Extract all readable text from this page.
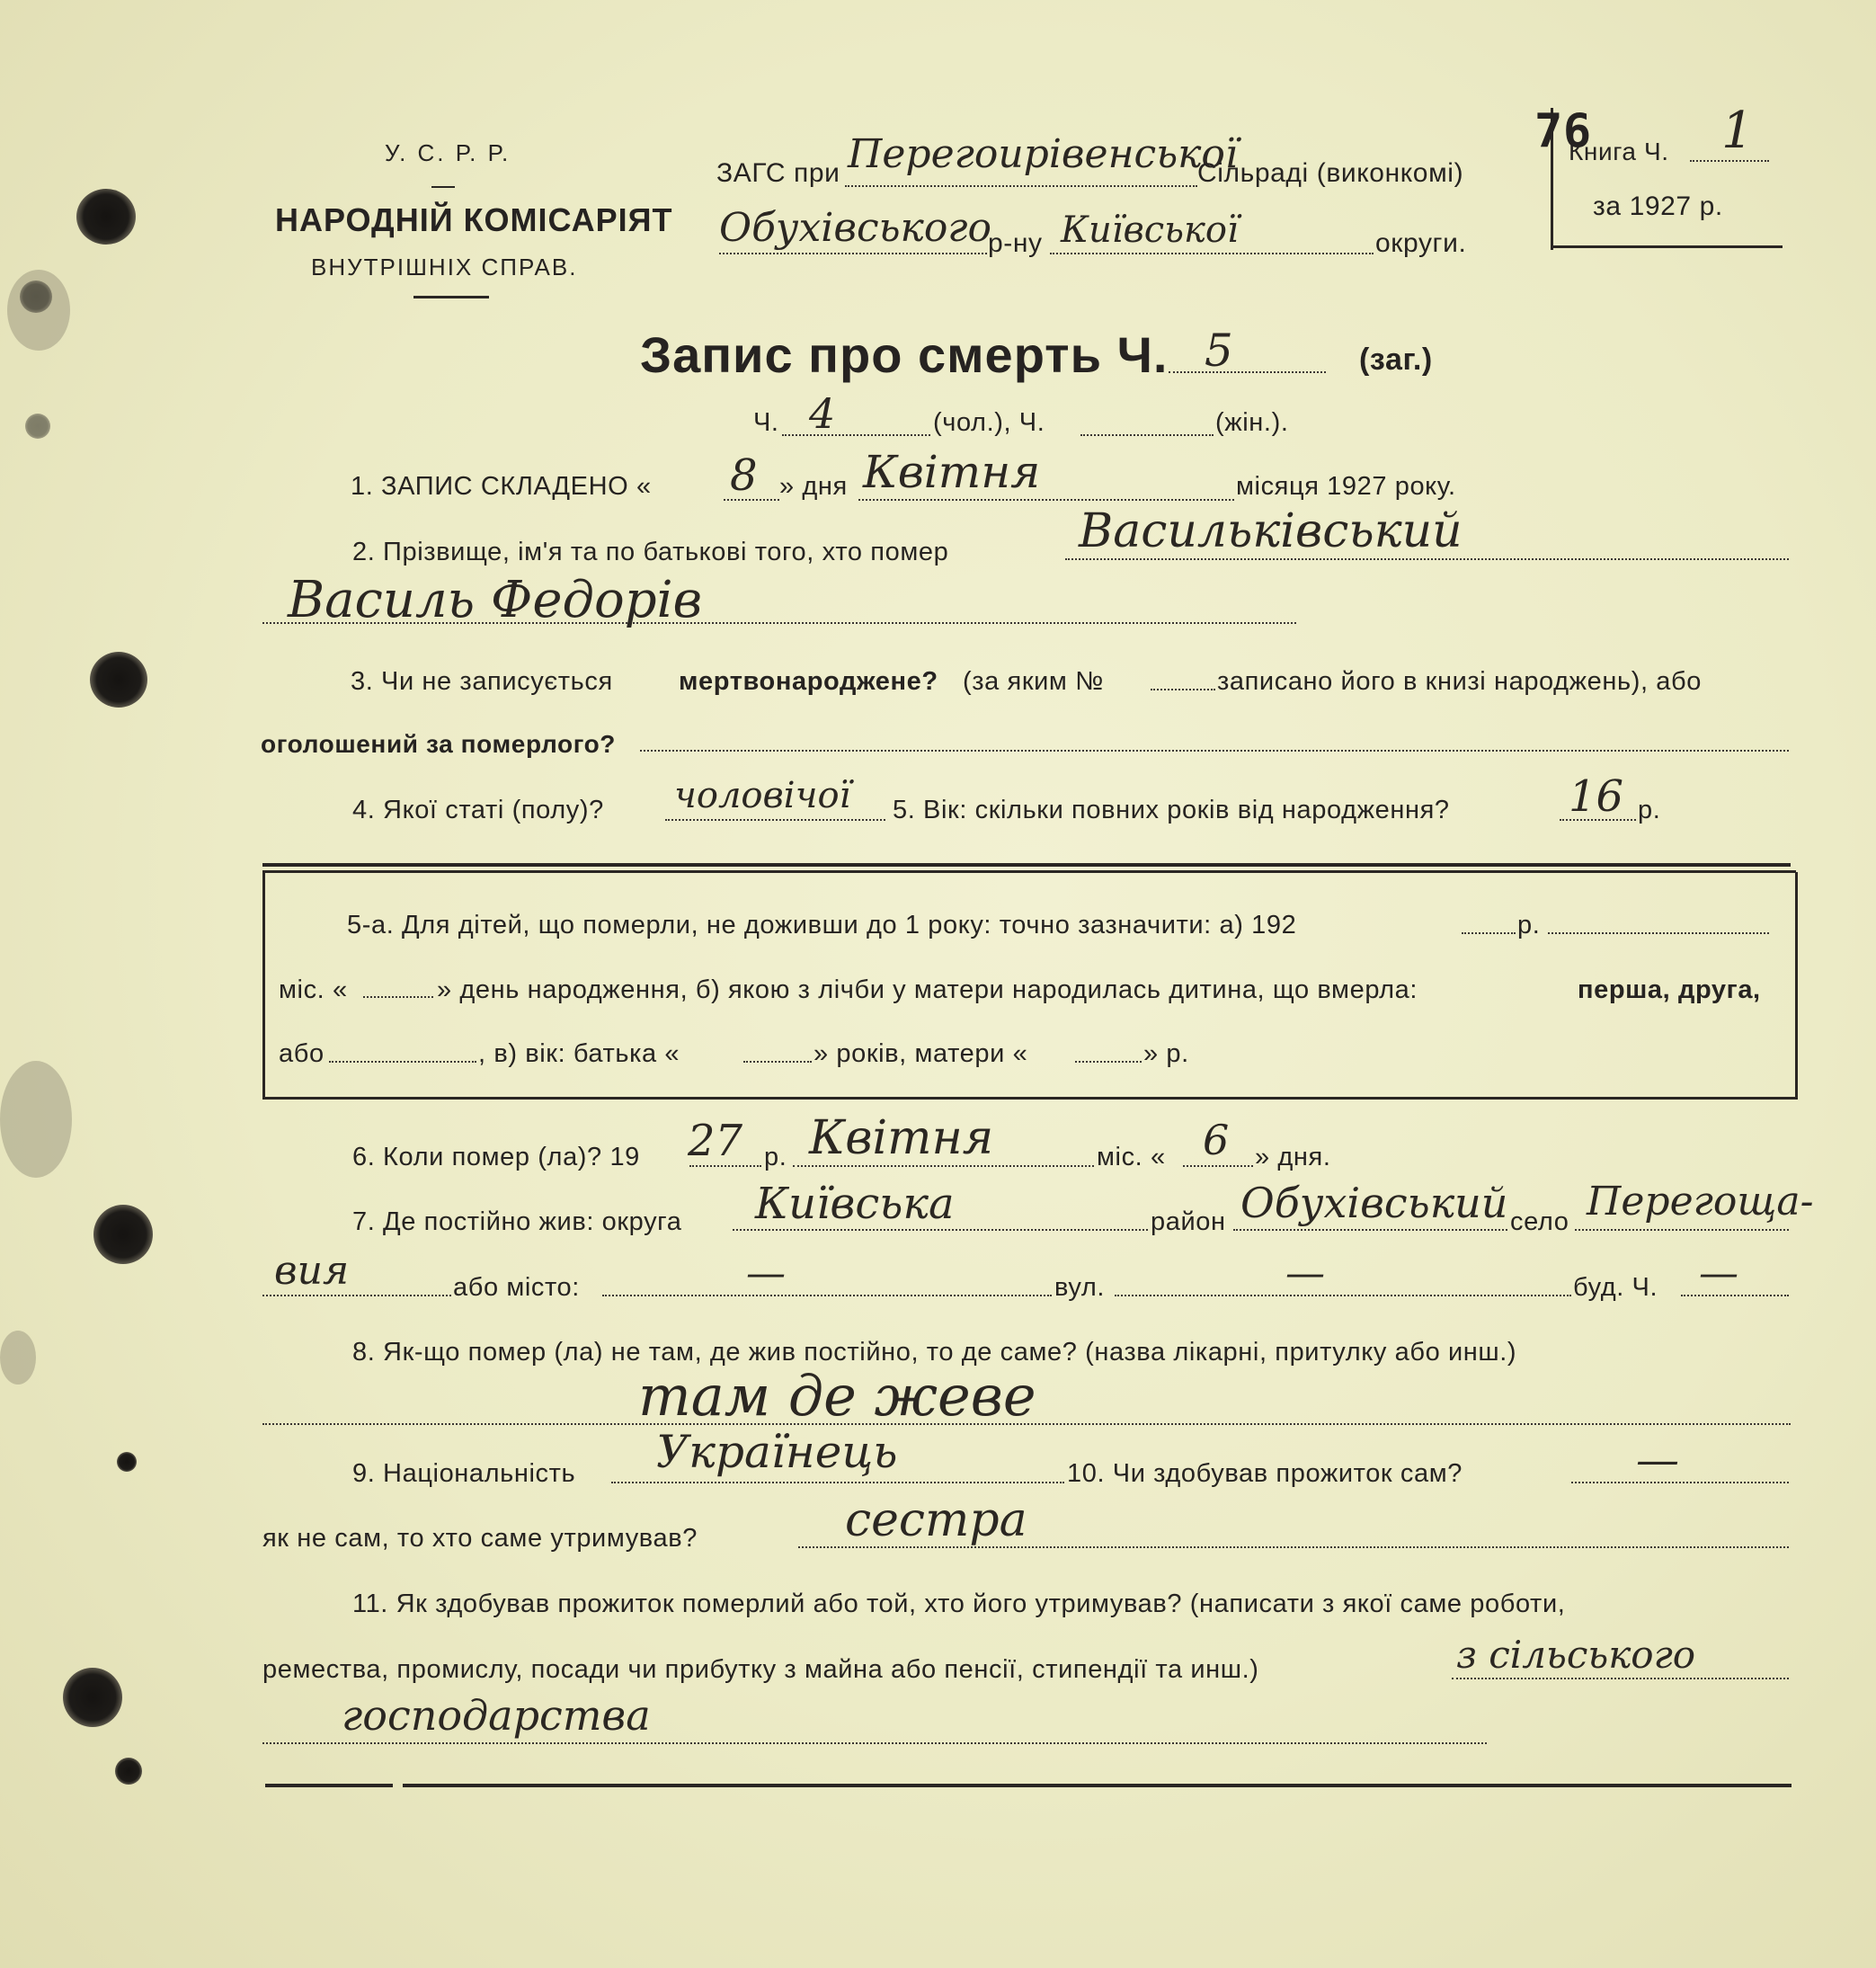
У. С. Р. Р.
НАРОДНІЙ КОМІСАРІЯТ
ВНУТРІШНІХ СПРАВ.
ЗАГС при Перегоирівенської
Сільраді (виконкомі)
Обухівського
р-ну Київської	округи.
76
Книга Ч. 1
за 1927 р.
Запис про смерть Ч. 5	(заг.)
Ч. 4	(чол.), Ч.	(жін.).
1. ЗАПИС СКЛАДЕНО « 8 » дня Квітня	місяця 1927 року.
2. Прізвище, ім'я та по батькові того, хто помер	Васильківський
Василь Федорів
3. Чи не записується	мертвонароджене? (за яким №	записано його в книзі народжень), або
оголошений за померлого?
4. Якої статі (полу)? чоловічої 5. Вік: скільки повних років від народження?	16 р.
5-а. Для дітей, що померли, не доживши до 1 року: точно зазначити: а) 192	р.
міс. «	» день народження, б) якою з лічби у матери народилась дитина, що вмерла:	перша, друга,
або	, в) вік: батька «	» років, матери «	» р.
6. Коли помер (ла)? 19 27 р. Квітня	міс. « 6 » дня.
7. Де постійно жив: округа Київська	район Обухівський село Перегоща-
вия	або місто:	—	вул.	—	буд. Ч. —
8. Як-що помер (ла) не там, де жив постійно, то де саме? (назва лікарні, притулку або инш.)
там де жеве
9. Національність Українець	10. Чи здобував прожиток сам?	—
як не сам, то хто саме утримував?	сестра
11. Як здобував прожиток померлий або той, хто його утримував? (написати з якої саме роботи,
ремества, промислу, посади чи прибутку з майна або пенсії, стипендії та инш.)	з сільського
господарства
